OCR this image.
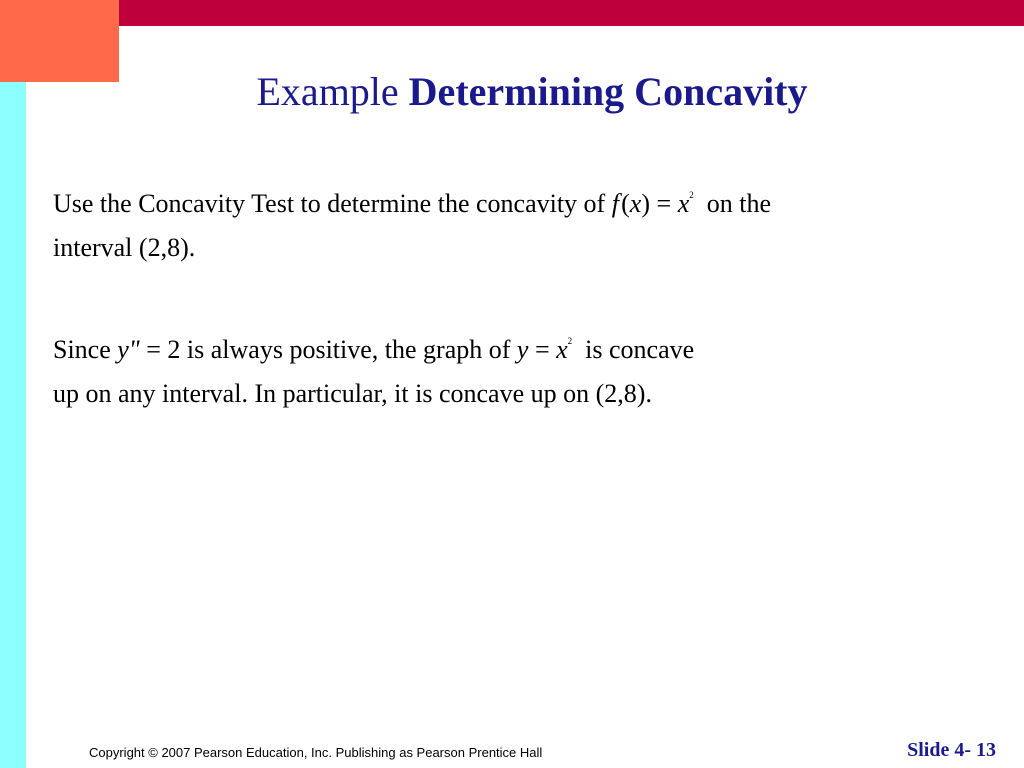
Example Determining Concavity
Use the Concavity Test to determine the concavity of f $(x) = x^2$ on the
interval (2,8).
Since y" = 2 is always positive, the graph of $y = x^2$ is concave
up on any interval. In particular, it is concave up on (2,8).
Copyright © 2007 Pearson Education, Inc. Publishing as Pearson Prentice Hall	Slide 4- 13
